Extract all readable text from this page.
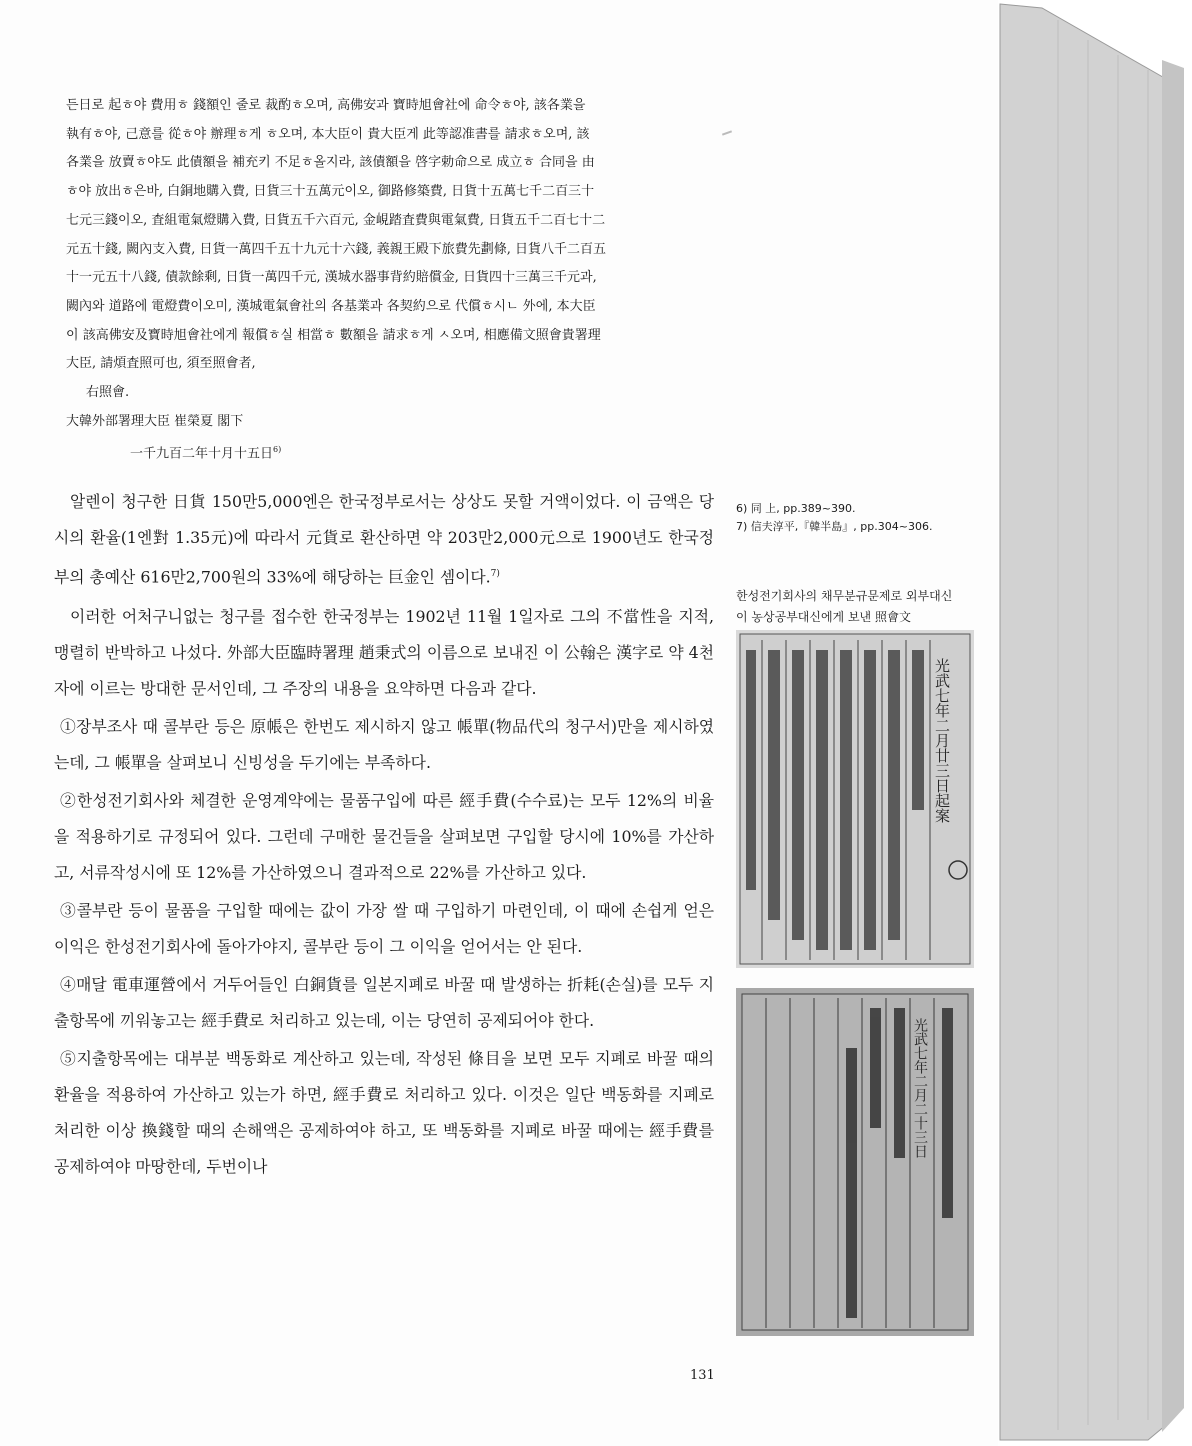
든日로 起ㅎ야 費用ㅎ 錢額인 줄로 裁酌ㅎ오며, 高佛安과 寶時旭會社에 命令ㅎ야, 該各業을

執有ㅎ야, 己意를 從ㅎ야 辦理ㅎ게 ㅎ오며, 本大臣이 貴大臣게 此等認准書를 請求ㅎ오며, 該

各業을 放賣ㅎ야도 此債額을 補充키 不足ㅎ올지라, 該債額을 啓字勅命으로 成立ㅎ 合同을 由

ㅎ야 放出ㅎ은바, 白銅地購入費, 日貨三十五萬元이오, 御路修築費, 日貨十五萬七千二百三十

七元三錢이오, 査組電氣燈購入費, 日貨五千六百元, 金峴踏査費與電氣費, 日貨五千二百七十二

元五十錢, 闕內支入費, 日貨一萬四千五十九元十六錢, 義親王殿下旅費先劃條, 日貨八千二百五

十一元五十八錢, 債款餘剩, 日貨一萬四千元, 漢城水器事背約賠償金, 日貨四十三萬三千元과,

闕內와 道路에 電燈費이오미, 漢城電氣會社의 各基業과 各契約으로 代償ㅎ시ㄴ 外에, 本大臣

이 該高佛安及寶時旭會社에게 報償ㅎ실 相當ㅎ 數額을 請求ㅎ게 ㅅ오며, 相應備文照會貴署理

大臣, 請煩査照可也, 須至照會者,

右照會.

大韓外部署理大臣 崔榮夏 閣下

一千九百二年十月十五日$^{6)}$

알렌이 청구한 日貨 150만5,000엔은 한국정부로서는 상상도 못할 거액이었다. 이 금액은 당시의 환율(1엔對 1.35元)에 따라서 元貨로 환산하면 약 203만2,000元으로 1900년도 한국정부의 총예산 616만2,700원의 33%에 해당하는 巨金인 셈이다.$^{7)}$

이러한 어처구니없는 청구를 접수한 한국정부는 1902년 11월 1일자로 그의 不當性을 지적, 맹렬히 반박하고 나섰다. 外部大臣臨時署理 趙秉式의 이름으로 보내진 이 公翰은 漢字로 약 4천자에 이르는 방대한 문서인데, 그 주장의 내용을 요약하면 다음과 같다.

①장부조사 때 콜부란 등은 原帳은 한번도 제시하지 않고 帳單(物品代의 청구서)만을 제시하였는데, 그 帳單을 살펴보니 신빙성을 두기에는 부족하다.

②한성전기회사와 체결한 운영계약에는 물품구입에 따른 經手費(수수료)는 모두 12%의 비율을 적용하기로 규정되어 있다. 그런데 구매한 물건들을 살펴보면 구입할 당시에 10%를 가산하고, 서류작성시에 또 12%를 가산하였으니 결과적으로 22%를 가산하고 있다.

③콜부란 등이 물품을 구입할 때에는 값이 가장 쌀 때 구입하기 마련인데, 이 때에 손쉽게 얻은 이익은 한성전기회사에 돌아가야지, 콜부란 등이 그 이익을 얻어서는 안 된다.

④매달 電車運營에서 거두어들인 白銅貨를 일본지폐로 바꿀 때 발생하는 折耗(손실)를 모두 지출항목에 끼워놓고는 經手費로 처리하고 있는데, 이는 당연히 공제되어야 한다.

⑤지출항목에는 대부분 백동화로 계산하고 있는데, 작성된 條目을 보면 모두 지폐로 바꿀 때의 환율을 적용하여 가산하고 있는가 하면, 經手費로 처리하고 있다. 이것은 일단 백동화를 지폐로 처리한 이상 換錢할 때의 손해액은 공제하여야 하고, 또 백동화를 지폐로 바꿀 때에는 經手費를 공제하여야 마땅한데, 두번이나

6) 同 上, pp.389~390.
7) 信夫淳平,『韓半島』, pp.304~306.
한성전기회사의 채무분규문제로 외부대신
이 농상공부대신에게 보낸 照會文
光武七年二月廿三日起案
光武七年二月二十三日
131
